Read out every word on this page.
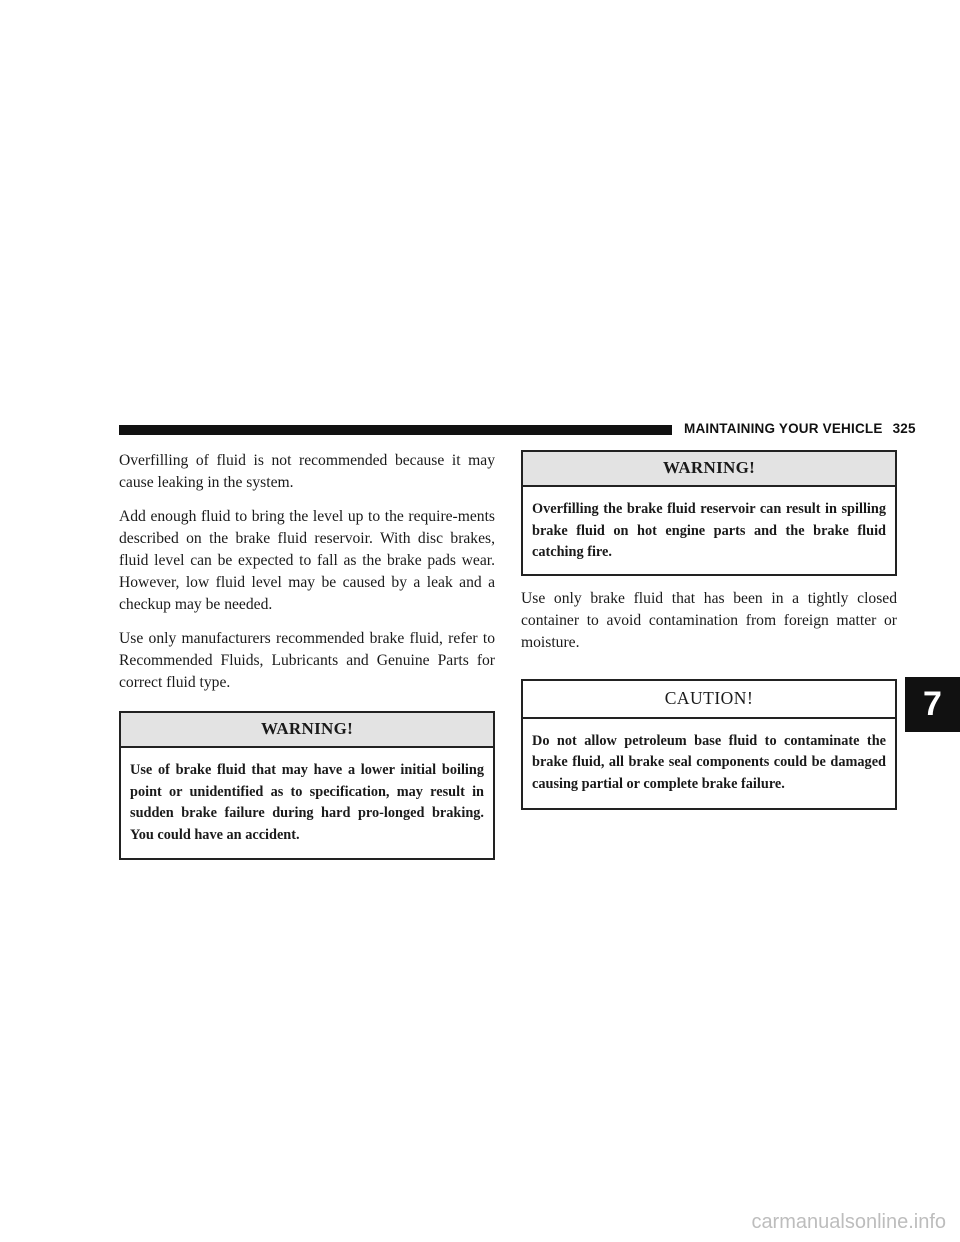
MAINTAINING YOUR VEHICLE 325

Overfilling of fluid is not recommended because it may cause leaking in the system.

Add enough fluid to bring the level up to the require-ments described on the brake fluid reservoir. With disc brakes, fluid level can be expected to fall as the brake pads wear. However, low fluid level may be caused by a leak and a checkup may be needed.

Use only manufacturers recommended brake fluid, refer to Recommended Fluids, Lubricants and Genuine Parts for correct fluid type.

WARNING!
Use of brake fluid that may have a lower initial boiling point or unidentified as to specification, may result in sudden brake failure during hard pro-longed braking. You could have an accident.
WARNING!
Overfilling the brake fluid reservoir can result in spilling brake fluid on hot engine parts and the brake fluid catching fire.

Use only brake fluid that has been in a tightly closed container to avoid contamination from foreign matter or moisture.

CAUTION!
Do not allow petroleum base fluid to contaminate the brake fluid, all brake seal components could be damaged causing partial or complete brake failure.
7
carmanualsonline.info
